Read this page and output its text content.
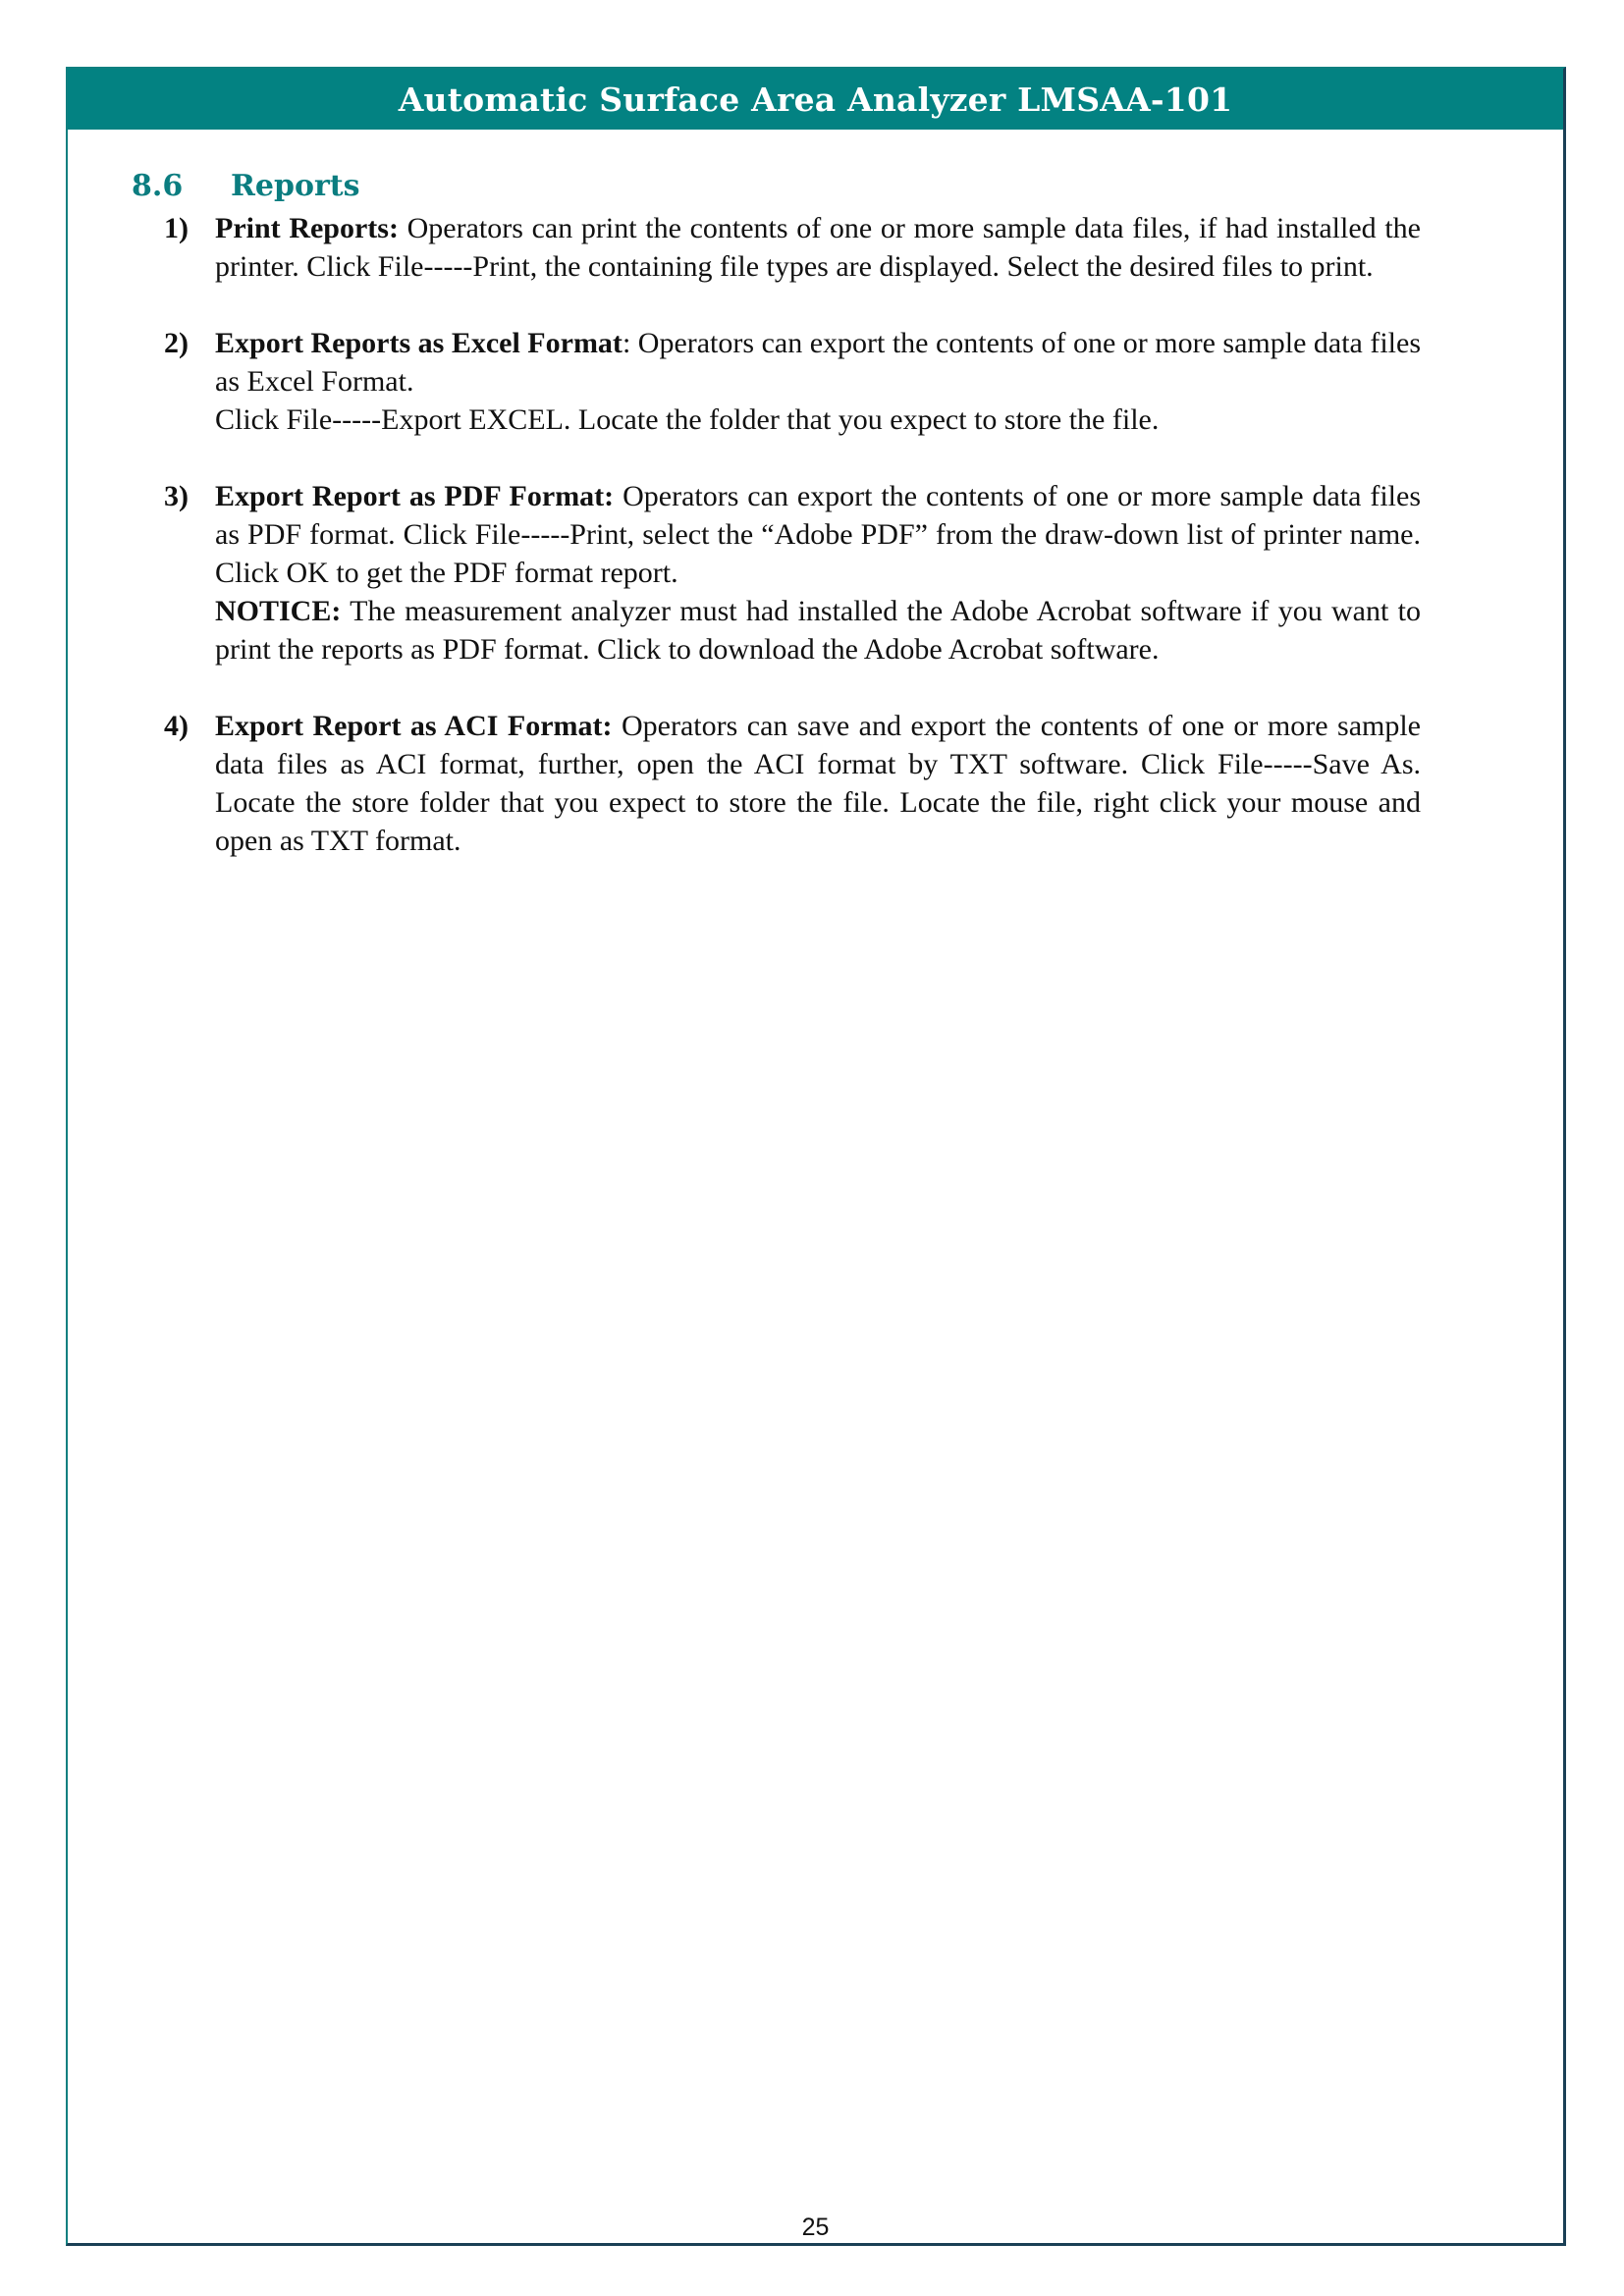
Automatic Surface Area Analyzer LMSAA-101
25
8.6 Reports
1) Print Reports: Operators can print the contents of one or more sample data files, if had installed the printer. Click File-----Print, the containing file types are displayed. Select the desired files to print.
2) Export Reports as Excel Format: Operators can export the contents of one or more sample data files as Excel Format.
Click File-----Export EXCEL. Locate the folder that you expect to store the file.
3) Export Report as PDF Format: Operators can export the contents of one or more sample data files as PDF format. Click File-----Print, select the “Adobe PDF” from the draw-down list of printer name. Click OK to get the PDF format report.
NOTICE: The measurement analyzer must had installed the Adobe Acrobat software if you want to print the reports as PDF format. Click to download the Adobe Acrobat software.
4) Export Report as ACI Format: Operators can save and export the contents of one or more sample data files as ACI format, further, open the ACI format by TXT software. Click File-----Save As. Locate the store folder that you expect to store the file. Locate the file, right click your mouse and open as TXT format.
